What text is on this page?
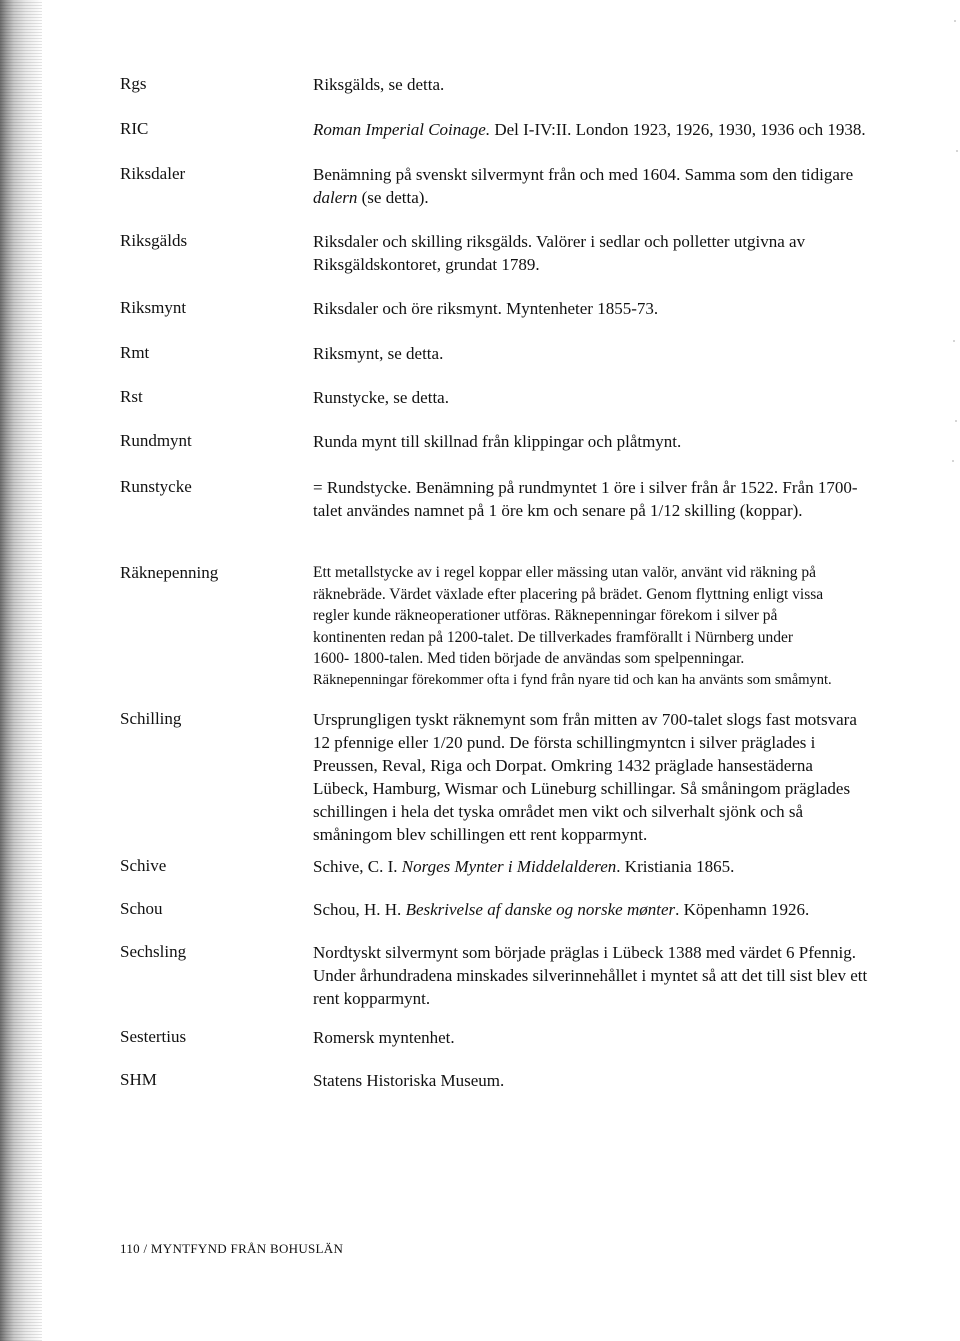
Rgs	Riksgälds, se detta.
RIC	Roman Imperial Coinage. Del I-IV:II. London 1923, 1926, 1930, 1936 och 1938.
Riksdaler	Benämning på svenskt silvermynt från och med 1604. Samma som den tidigare
dalern (se detta).
Riksgälds	Riksdaler och skilling riksgälds. Valörer i sedlar och polletter utgivna av
Riksgäldskontoret, grundat 1789.
Riksmynt	Riksdaler och öre riksmynt. Myntenheter 1855-73.
Rmt	Riksmynt, se detta.
Rst	Runstycke, se detta.
Rundmynt	Runda mynt till skillnad från klippingar och plåtmynt.
Runstycke	= Rundstycke. Benämning på rundmyntet 1 öre i silver från år 1522. Från 1700-
talet användes namnet på 1 öre km och senare på 1/12 skilling (koppar).
Räknepenning	Ett metallstycke av i regel koppar eller mässing utan valör, använt vid räkning på
räknebräde. Värdet växlade efter placering på brädet. Genom flyttning enligt vissa
regler kunde räkneoperationer utföras. Räknepenningar förekom i silver på
kontinenten redan på 1200-talet. De tillverkades framförallt i Nürnberg under
1600- 1800-talen. Med tiden började de användas som spelpenningar.
Räknepenningar förekommer ofta i fynd från nyare tid och kan ha använts som småmynt.
Schilling	Ursprungligen tyskt räknemynt som från mitten av 700-talet slogs fast motsvara
12 pfennige eller 1/20 pund. De första schillingmyntcn i silver präglades i
Preussen, Reval, Riga och Dorpat. Omkring 1432 präglade hansestäderna
Lübeck, Hamburg, Wismar och Lüneburg schillingar. Så småningom präglades
schillingen i hela det tyska området men vikt och silverhalt sjönk och så
småningom blev schillingen ett rent kopparmynt.
Schive	Schive, C. I. Norges Mynter i Middelalderen. Kristiania 1865.
Schou	Schou, H. H. Beskrivelse af danske og norske mønter. Köpenhamn 1926.
Sechsling	Nordtyskt silvermynt som började präglas i Lübeck 1388 med värdet 6 Pfennig.
Under århundradena minskades silverinnehållet i myntet så att det till sist blev ett
rent kopparmynt.
Sestertius	Romersk myntenhet.
SHM	Statens Historiska Museum.
110 / MYNTFYND FRÅN BOHUSLÄN
